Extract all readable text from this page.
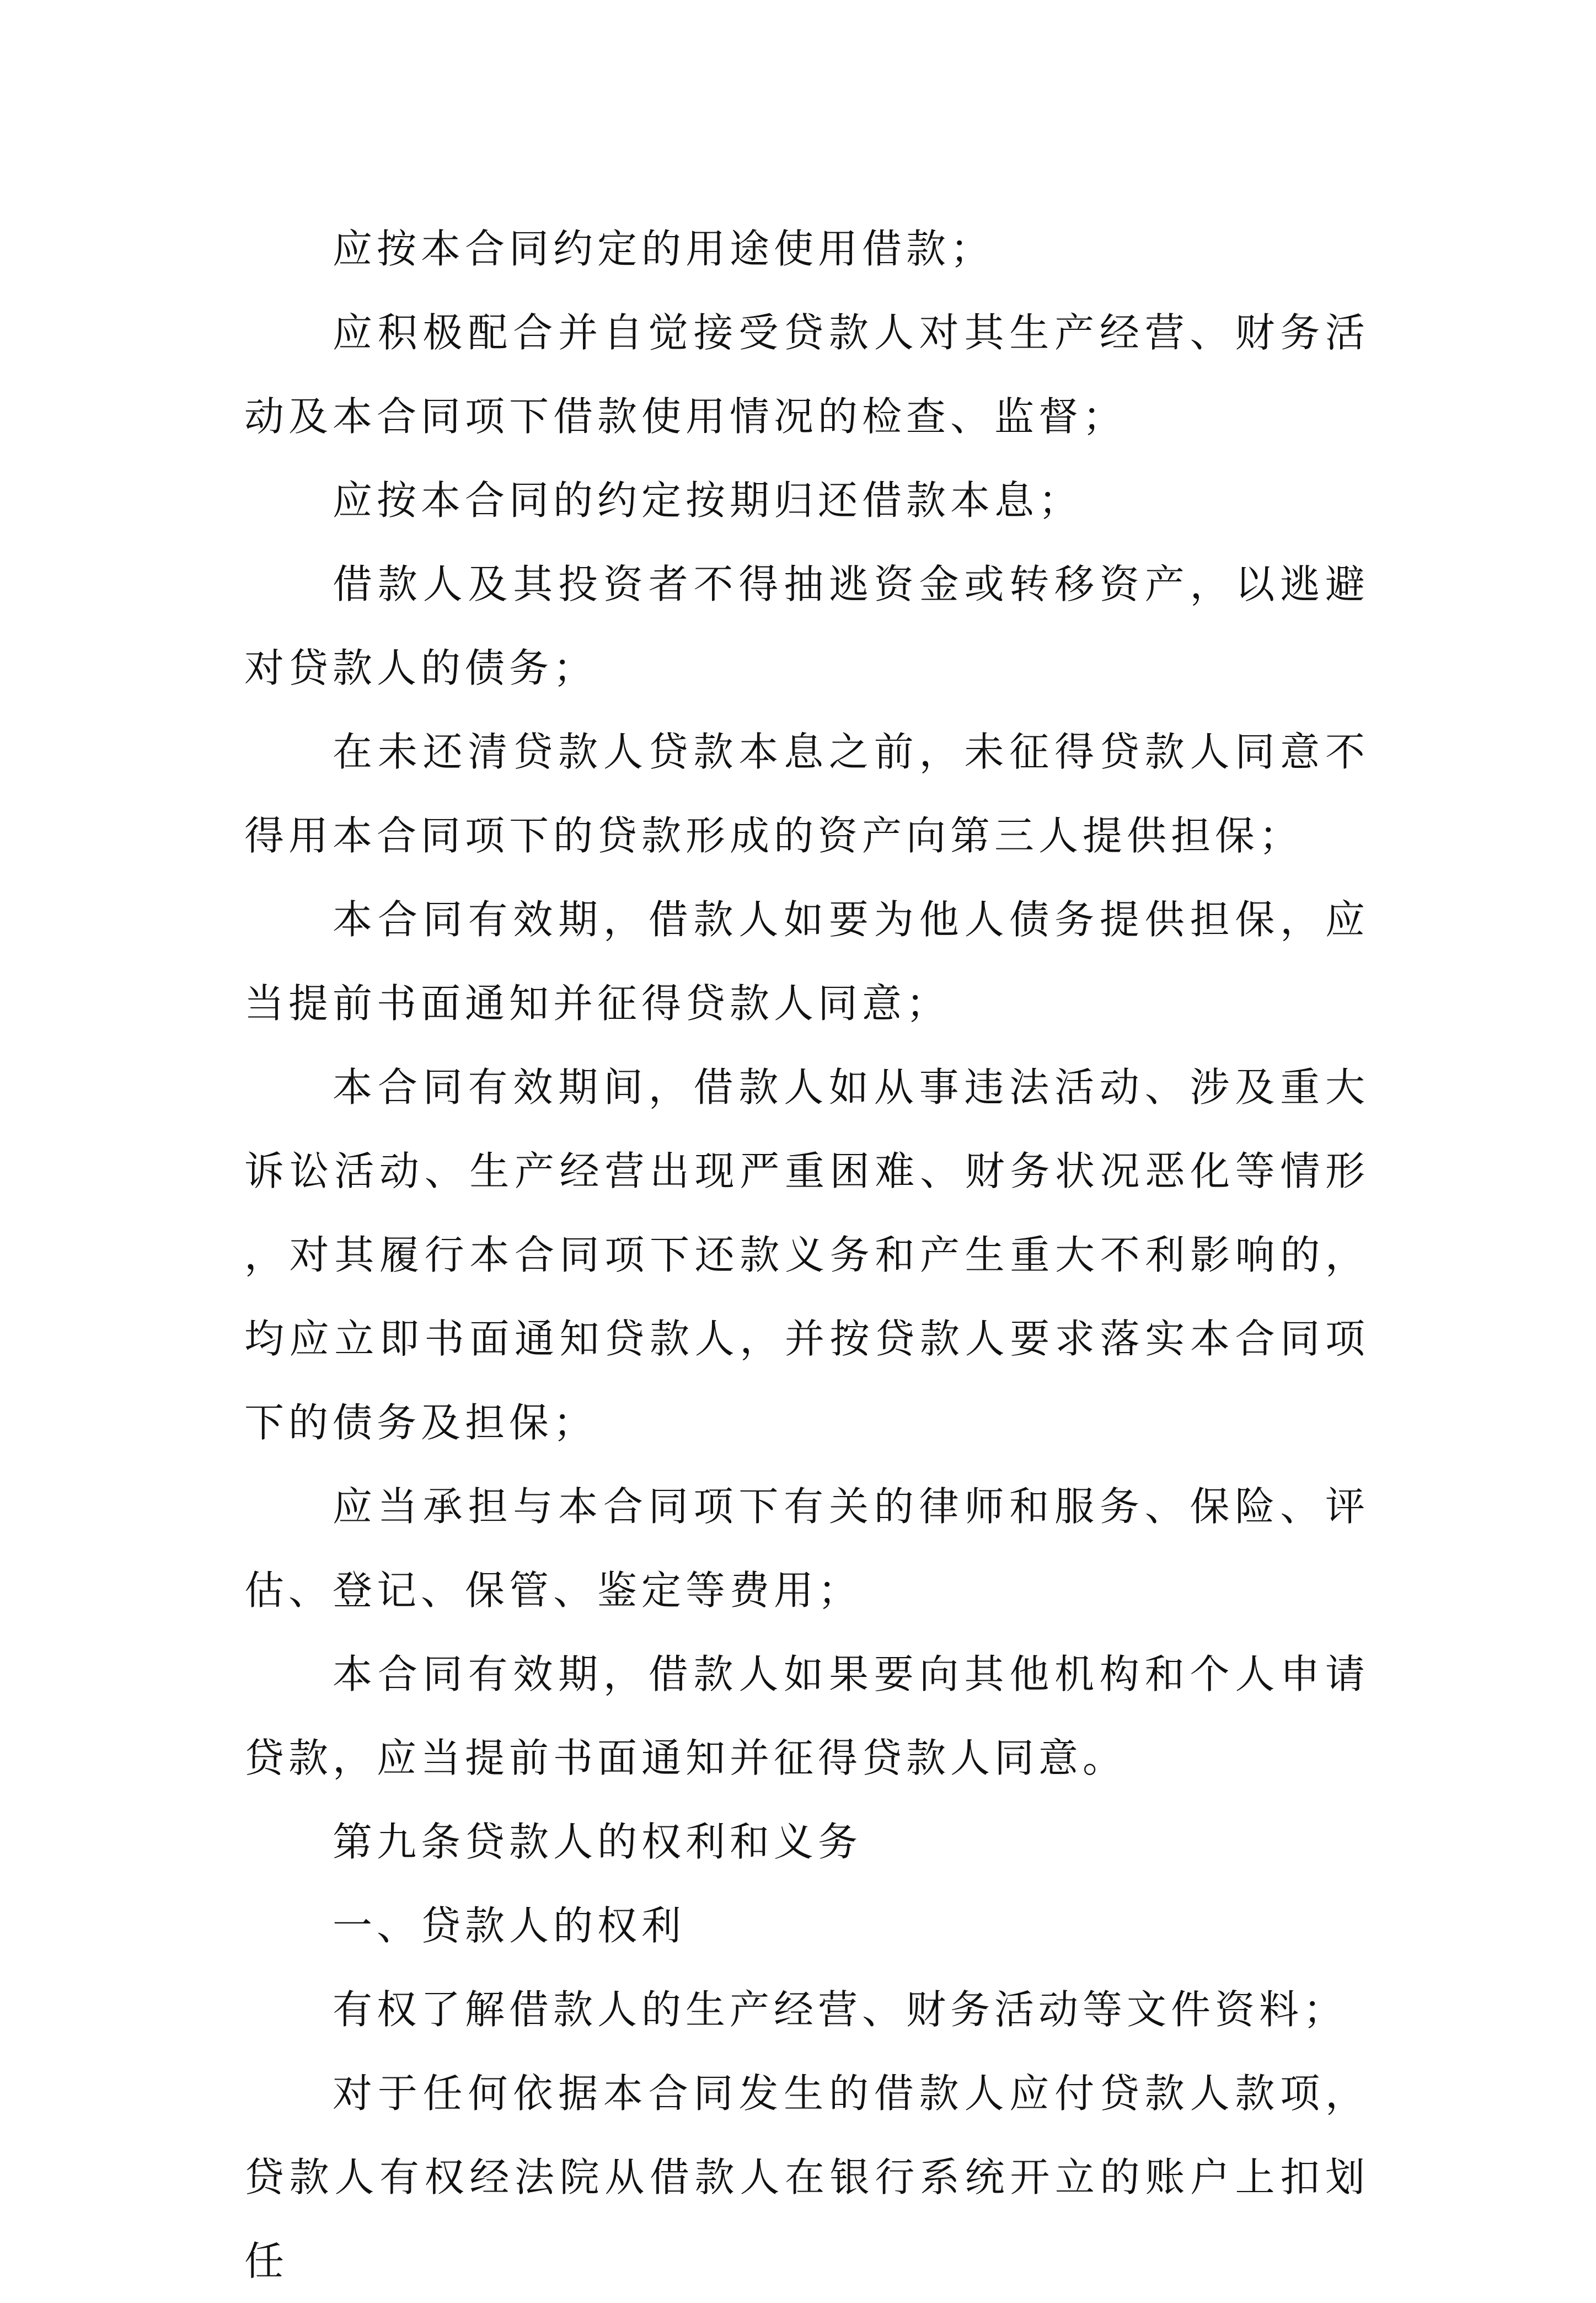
应按本合同约定的用途使用借款；

应积极配合并自觉接受贷款人对其生产经营、财务活动及本合同项下借款使用情况的检查、监督；

应按本合同的约定按期归还借款本息；

借款人及其投资者不得抽逃资金或转移资产，以逃避对贷款人的债务；

在未还清贷款人贷款本息之前，未征得贷款人同意不得用本合同项下的贷款形成的资产向第三人提供担保；

本合同有效期，借款人如要为他人债务提供担保，应当提前书面通知并征得贷款人同意；

本合同有效期间，借款人如从事违法活动、涉及重大诉讼活动、生产经营出现严重困难、财务状况恶化等情形，对其履行本合同项下还款义务和产生重大不利影响的，均应立即书面通知贷款人，并按贷款人要求落实本合同项下的债务及担保；

应当承担与本合同项下有关的律师和服务、保险、评估、登记、保管、鉴定等费用；

本合同有效期，借款人如果要向其他机构和个人申请贷款，应当提前书面通知并征得贷款人同意。

第九条贷款人的权利和义务

一、贷款人的权利

有权了解借款人的生产经营、财务活动等文件资料；

对于任何依据本合同发生的借款人应付贷款人款项，贷款人有权经法院从借款人在银行系统开立的账户上扣划任
